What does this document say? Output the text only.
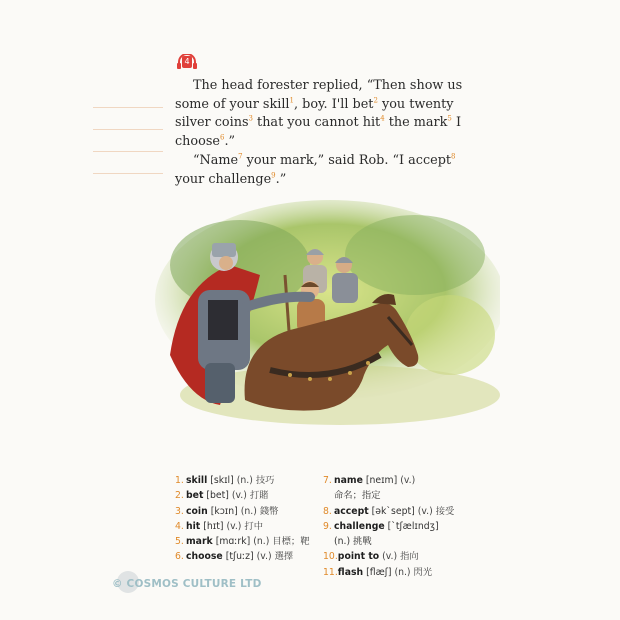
4

The head forester replied, “Then show us some of your skill$^1$, boy. I'll bet$^2$ you twenty silver coins$^3$ that you cannot hit$^4$ the mark$^5$ I choose$^6$.”

“Name$^7$ your mark,” said Rob. “I accept$^8$ your challenge$^9$.”

1. skill [skɪl] (n.) 技巧
2. bet [bet] (v.) 打賭
3. coin [kɔɪn] (n.) 錢幣
4. hit [hɪt] (v.) 打中
5. mark [mɑːrk] (n.) 目標；靶
6. choose [tʃuːz] (v.) 選擇
7. name [neɪm] (v.)
命名；指定
8. accept [ək`sept] (v.) 接受
9. challenge [`tʃælɪndʒ]
(n.) 挑戰
10.point to (v.) 指向
11.flash [flæʃ] (n.) 閃光
© COSMOS CULTURE LTD
